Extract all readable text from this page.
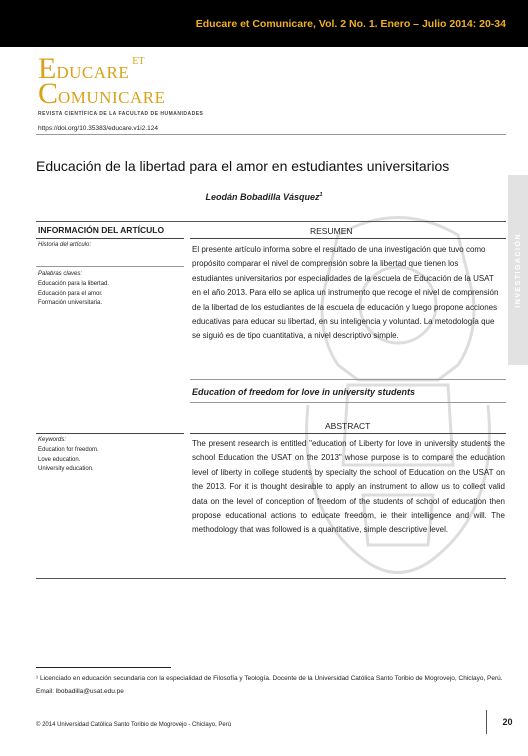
Educare et Comunicare, Vol. 2 No. 1. Enero – Julio 2014: 20-34
INVESTIGACIÓN
$EDUCARE^{ET}$
COMUNICARE
REVISTA CIENTÍFICA DE LA FACULTAD DE HUMANIDADES
https://doi.org/10.35383/educare.v1i2.124
Educación de la libertad para el amor en estudiantes universitarios
Leodán Bobadilla Vásquez$^1$
INFORMACIÓN DEL ARTÍCULO	RESUMEN
Historia del artículo:
Palabras claves:
Educación para la libertad.
Educación para el amor.
Formación universitaria.
El presente artículo informa sobre el resultado de una investigación que tuvo como propósito comparar el nivel de comprensión sobre la libertad que tienen los estudiantes universitarios por especialidades de la escuela de Educación de la USAT en el año 2013. Para ello se aplica un instrumento que recoge el nivel de comprensión de la libertad de los estudiantes de la escuela de educación y luego propone acciones educativas para educar su libertad, en su inteligencia y voluntad. La metodología que se siguió es de tipo cuantitativa, a nivel descriptivo simple.
Education of freedom for love in university students
ABSTRACT
Keywords:
Education for freedom.
Love education.
University education.
The present research is entitled "education of Liberty for love in university students the school Education the USAT on the 2013" whose purpose is to compare the education level of liberty in college students by specialty the school of Education on the USAT on the 2013. For it is thought desirable to apply an instrument to allow us to collect valid data on the level of conception of freedom of the students of school of education then propose educational actions to educate freedom, ie their intelligence and will. The methodology that was followed is a quantitative, simple descriptive level.
¹ Licenciado en educación secundaria con la especialidad de Filosofía y Teología. Docente de la Universidad Católica Santo Toribio de Mogrovejo, Chiclayo, Perú. Email: lbobadilla@usat.edu.pe
© 2014 Universidad Católica Santo Toribio de Mogrovejo - Chiclayo, Perú	20
